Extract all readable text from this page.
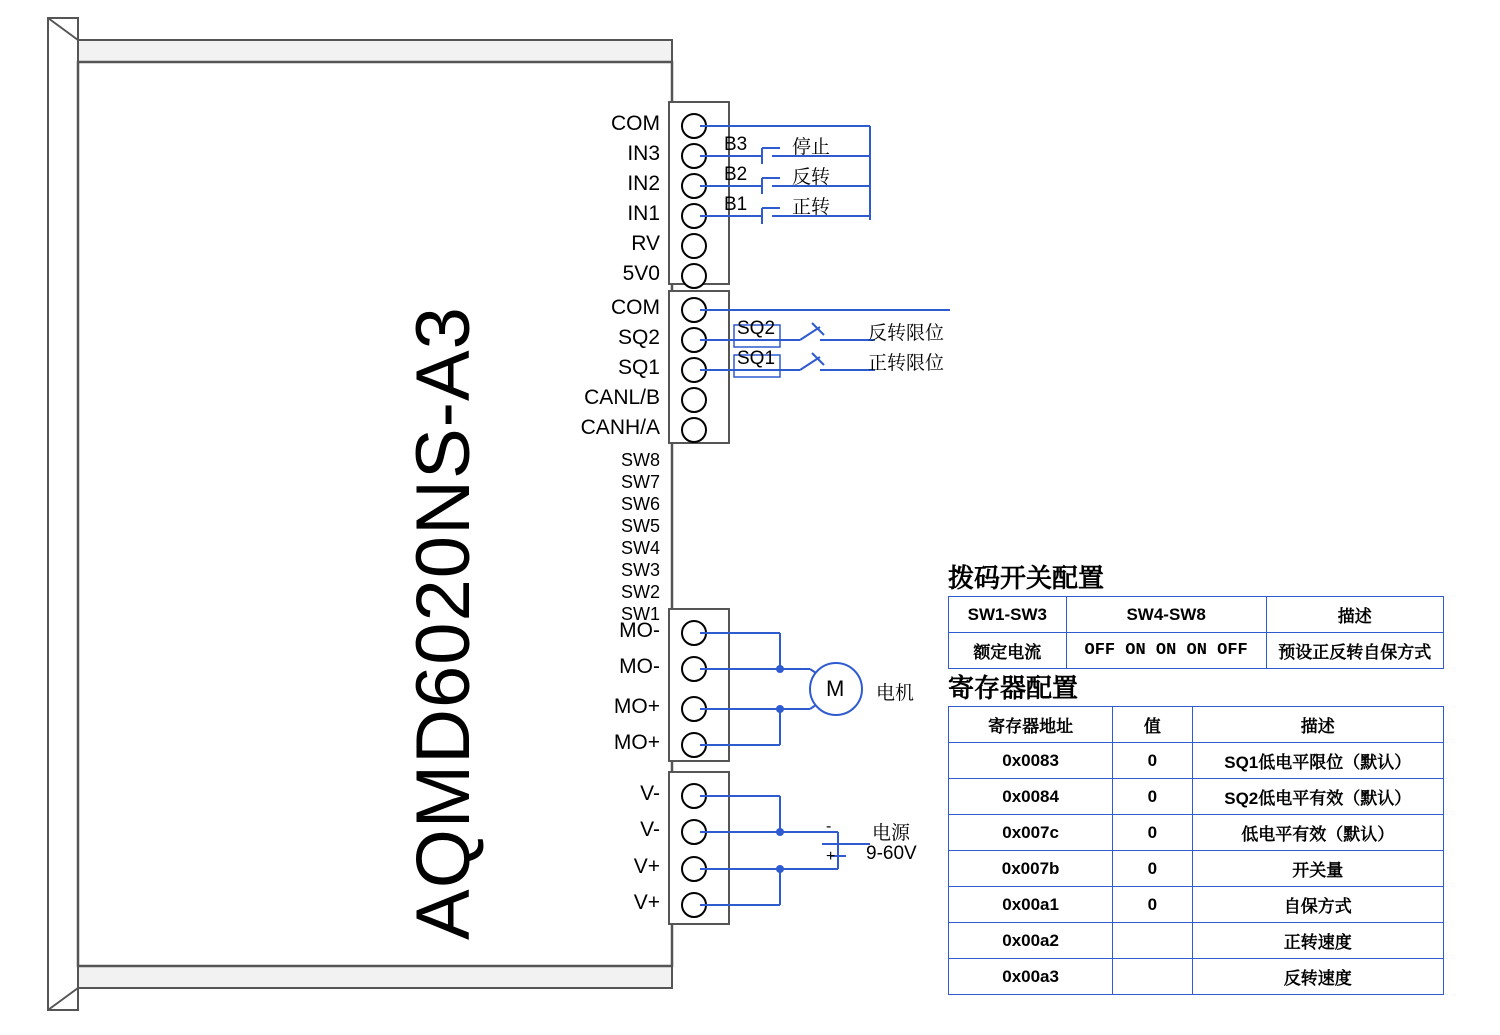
AQMD6020NS-A3
COM
IN3
IN2
IN1
RV
5V0
B3
B2
B1
停止
反转
正转
COM
SQ2
SQ1
CANL/B
CANH/A
SQ2
SQ1
反转限位
正转限位
SW8
SW7
SW6
SW5
SW4
SW3
SW2
SW1
MO-
MO-
MO+
MO+
M 电机
V-
V-
V+
V+
-
+
电源
9-60V
拨码开关配置
SW1-SW3	SW4-SW8	描述
额定电流	OFF ON ON ON OFF	预设正反转自保方式
寄存器配置
寄存器地址	值	描述
0x0083	0	SQ1低电平限位（默认）
0x0084	0	SQ2低电平有效（默认）
0x007c	0	低电平有效（默认）
0x007b	0	开关量
0x00a1	0	自保方式
0x00a2		正转速度
0x00a3		反转速度
